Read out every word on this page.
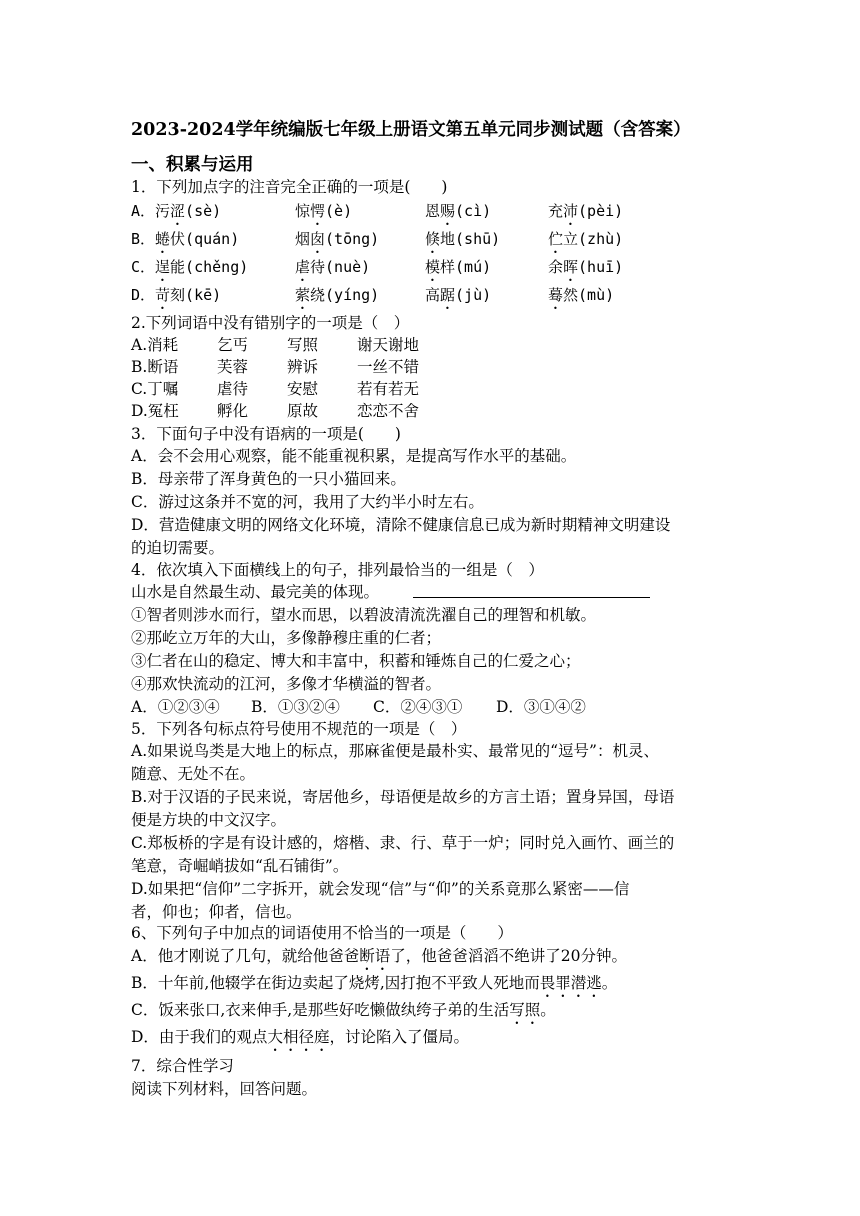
2023-2024学年统编版七年级上册语文第五单元同步测试题（含答案）
一、积累与运用
1．下列加点字的注音完全正确的一项是(　　)
A．污涩(sè)	惊愕(è)	恩赐(cì)	充沛(pèi)
B．蜷伏(quán)	烟囱(tōng)	倏地(shū)	伫立(zhù)
C．逞能(chěng)	虐待(nuè)	模样(mú)	余晖(huī)
D．苛刻(kē)	萦绕(yíng)	高踞(jù)	蓦然(mù)
2.下列词语中没有错别字的一项是（　）
A.消耗	乞丐	写照	谢天谢地
B.断语 芙蓉	辨诉	一丝不错
C.丁嘱	虐待	安慰	若有若无
D.冤枉 孵化	原故	恋恋不舍
3．下面句子中没有语病的一项是(　　)
A．会不会用心观察，能不能重视积累，是提高写作水平的基础。
B．母亲带了浑身黄色的一只小猫回来。
C．游过这条并不宽的河，我用了大约半小时左右。
D．营造健康文明的网络文化环境，清除不健康信息已成为新时期精神文明建设
的迫切需要。
4．依次填入下面横线上的句子，排列最恰当的一组是（　）
山水是自然最生动、最完美的体现。
①智者则涉水而行，望水而思，以碧波清流洗濯自己的理智和机敏。
②那屹立万年的大山，多像静穆庄重的仁者；
③仁者在山的稳定、博大和丰富中，积蓄和锤炼自己的仁爱之心；
④那欢快流动的江河，多像才华横溢的智者。
A．①②③④ B．①③②④ C．②④③① D．③①④②
5．下列各句标点符号使用不规范的一项是（　）
A.如果说鸟类是大地上的标点，那麻雀便是最朴实、最常见的“逗号”：机灵、
随意、无处不在。
B.对于汉语的子民来说，寄居他乡，母语便是故乡的方言土语；置身异国，母语
便是方块的中文汉字。
C.郑板桥的字是有设计感的，熔楷、隶、行、草于一炉；同时兑入画竹、画兰的
笔意，奇崛峭拔如“乱石铺街”。
D.如果把“信仰”二字拆开，就会发现“信”与“仰”的关系竟那么紧密——信
者，仰也；仰者，信也。
6、下列句子中加点的词语使用不恰当的一项是（　　）
A．他才刚说了几句，就给他爸爸断语了，他爸爸滔滔不绝讲了20分钟。
B．十年前,他辍学在街边卖起了烧烤,因打抱不平致人死地而畏罪潜逃。
C．饭来张口,衣来伸手,是那些好吃懒做纨绔子弟的生活写照。
D．由于我们的观点大相径庭，讨论陷入了僵局。
7．综合性学习
阅读下列材料，回答问题。
